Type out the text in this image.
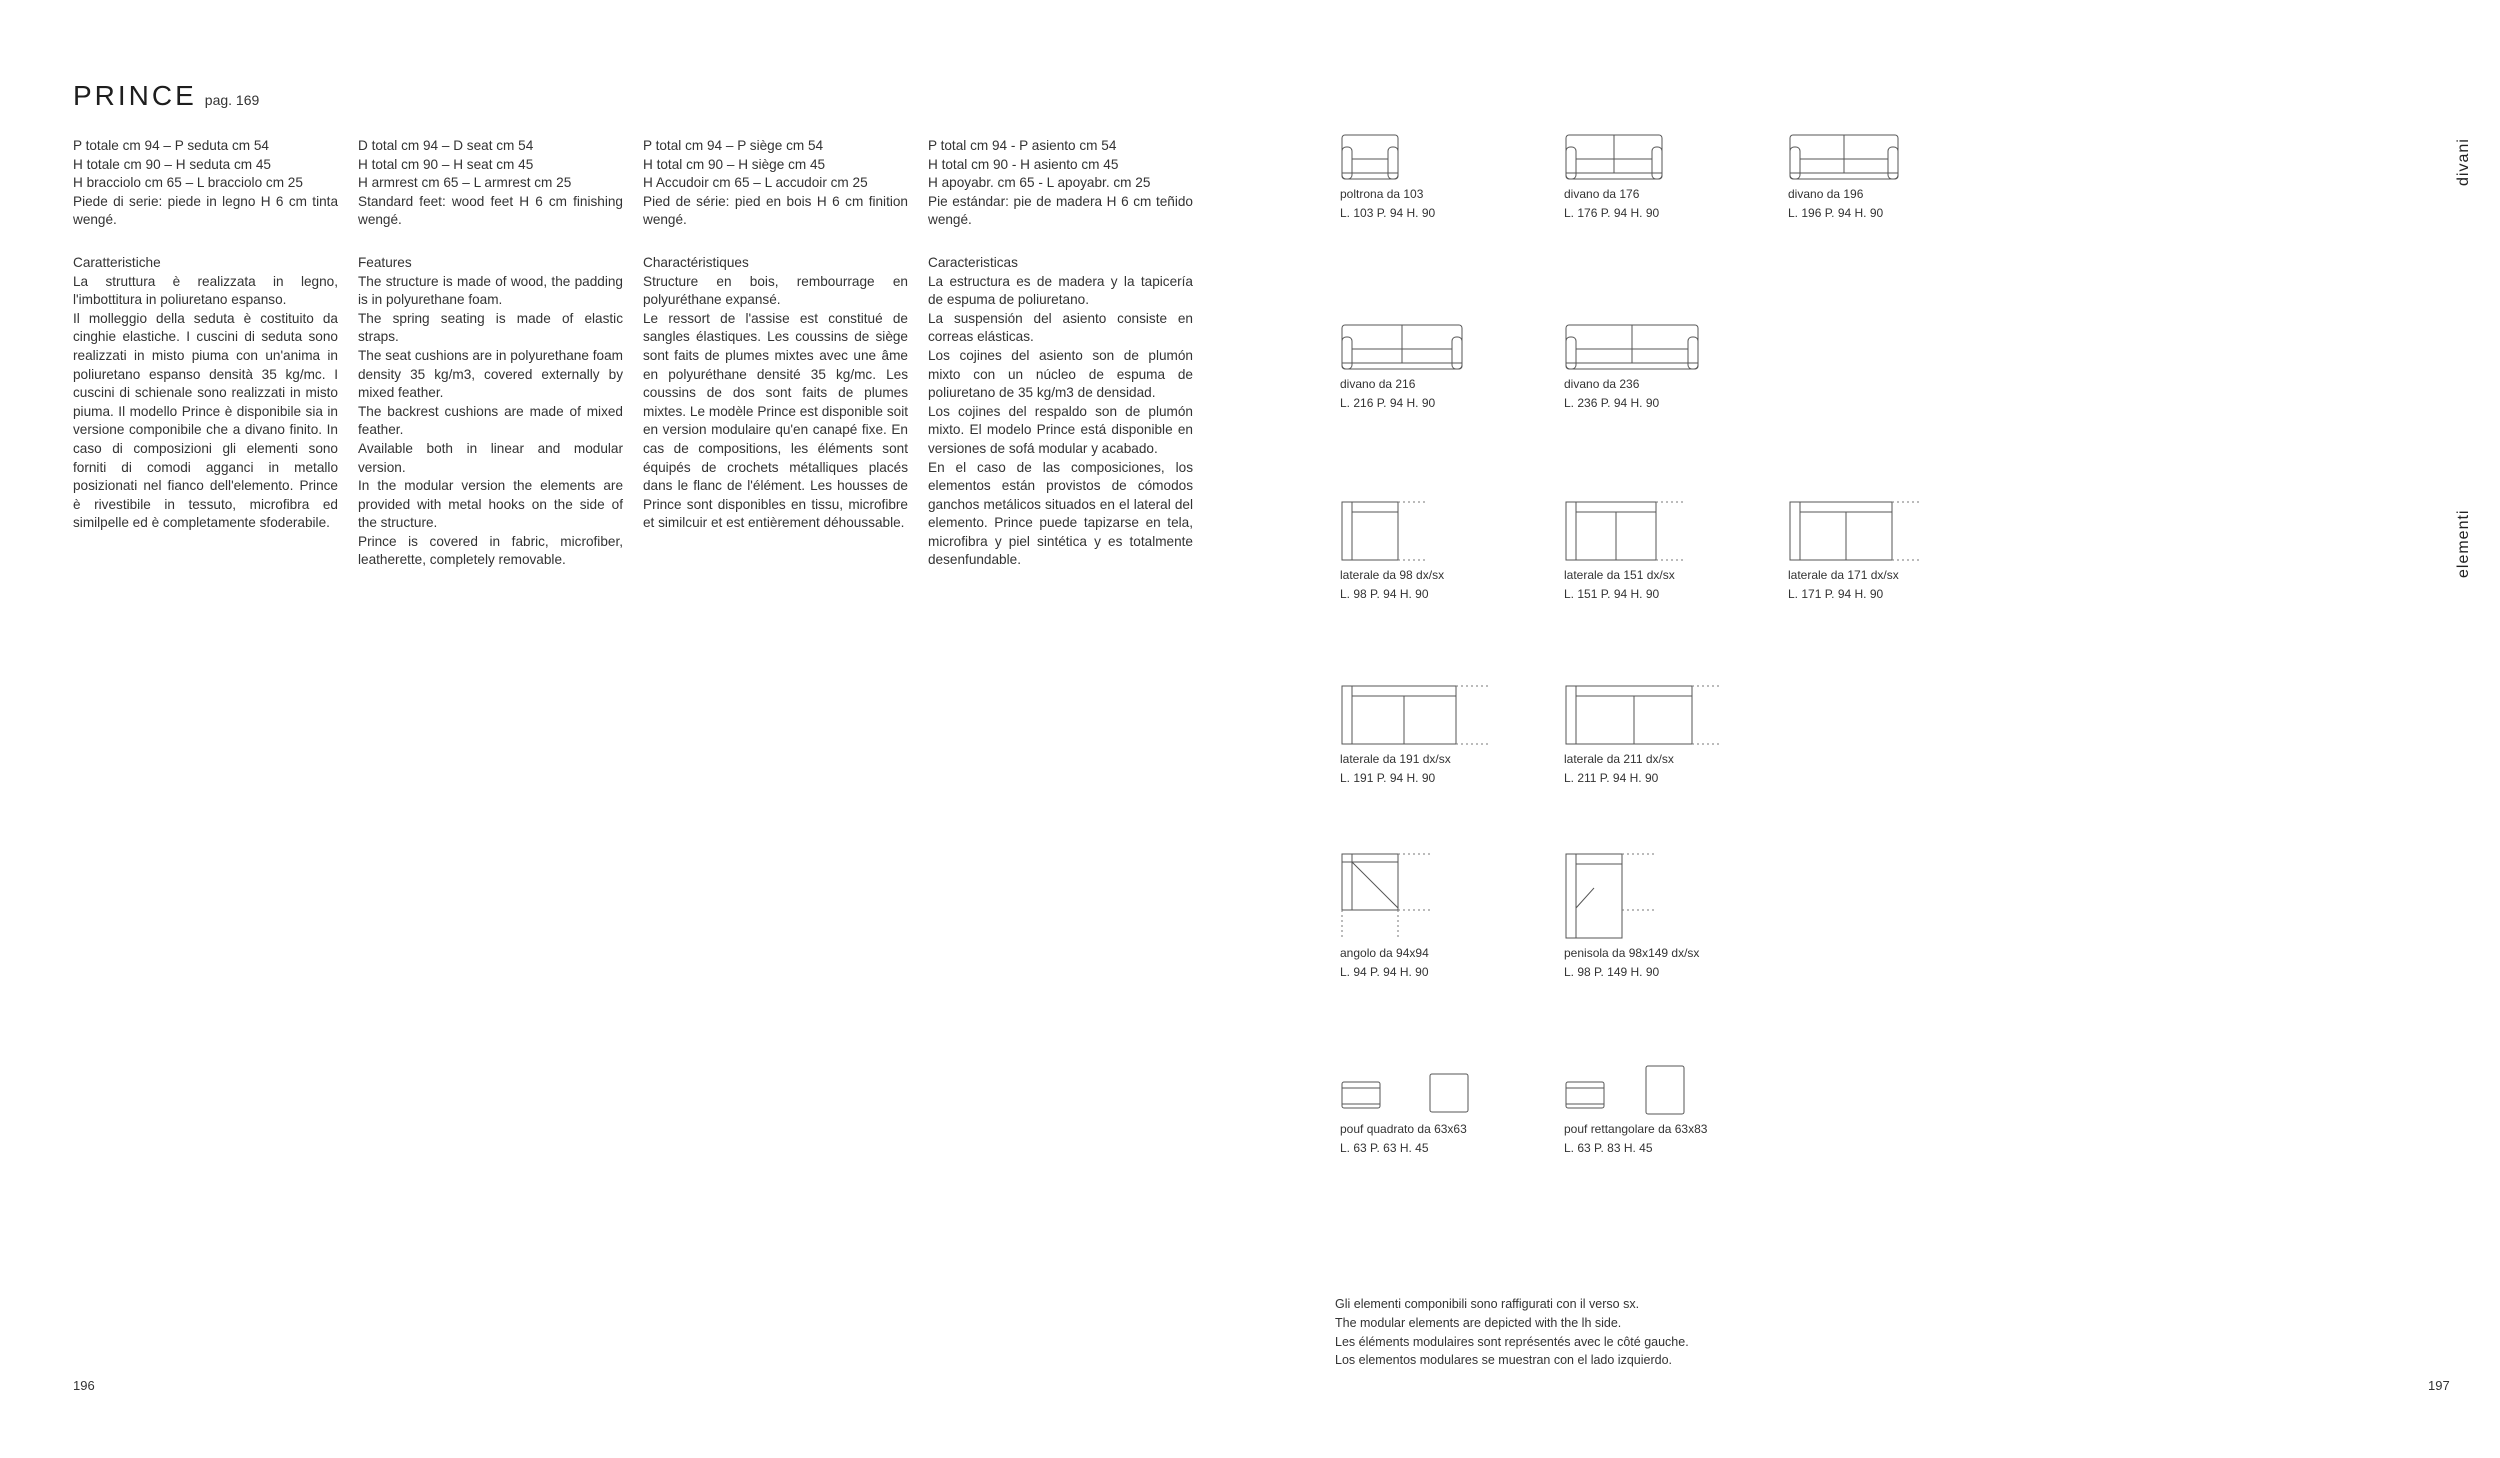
PRINCE pag. 169

P totale cm 94 – P seduta cm 54
H totale cm 90 – H seduta cm 45
H bracciolo cm 65 – L bracciolo cm 25
Piede di serie: piede in legno H 6 cm tinta wengé.

Caratteristiche

La struttura è realizzata in legno, l'imbottitura in poliuretano espanso.
Il molleggio della seduta è costituito da cinghie elastiche. I cuscini di seduta sono realizzati in misto piuma con un'anima in poliuretano espanso densità 35 kg/mc. I cuscini di schienale sono realizzati in misto piuma. Il modello Prince è disponibile sia in versione componibile che a divano finito. In caso di composizioni gli elementi sono forniti di comodi agganci in metallo posizionati nel fianco dell'elemento. Prince è rivestibile in tessuto, microfibra ed similpelle ed è completamente sfoderabile.

D total cm 94 – D seat cm 54
H total cm 90 – H seat cm 45
H armrest cm 65 – L armrest cm 25
Standard feet: wood feet H 6 cm finishing wengé.

Features

The structure is made of wood, the padding is in polyurethane foam.
The spring seating is made of elastic straps.
The seat cushions are in polyurethane foam density 35 kg/m3, covered externally by mixed feather.
The backrest cushions are made of mixed feather.
Available both in linear and modular version.
In the modular version the elements are provided with metal hooks on the side of the structure.
Prince is covered in fabric, microfiber, leatherette, completely removable.

P total cm 94 – P siège cm 54
H total cm 90 – H siège cm 45
H Accudoir cm 65 – L accudoir cm 25
Pied de série: pied en bois H 6 cm finition wengé.

Charactéristiques

Structure en bois, rembourrage en polyuréthane expansé.
Le ressort de l'assise est constitué de sangles élastiques. Les coussins de siège sont faits de plumes mixtes avec une âme en polyuréthane densité 35 kg/mc. Les coussins de dos sont faits de plumes mixtes. Le modèle Prince est disponible soit en version modulaire qu'en canapé fixe. En cas de compositions, les éléments sont équipés de crochets métalliques placés dans le flanc de l'élément. Les housses de Prince sont disponibles en tissu, microfibre et similcuir et est entièrement déhoussable.

P total cm 94 - P asiento cm 54
H total cm 90 - H asiento cm 45
H apoyabr. cm 65 - L apoyabr. cm 25
Pie estándar: pie de madera H 6 cm teñido wengé.

Caracteristicas

La estructura es de madera y la tapicería de espuma de poliuretano.
La suspensión del asiento consiste en correas elásticas.
Los cojines del asiento son de plumón mixto con un núcleo de espuma de poliuretano de 35 kg/m3 de densidad.
Los cojines del respaldo son de plumón mixto. El modelo Prince está disponible en versiones de sofá modular y acabado.
En el caso de las composiciones, los elementos están provistos de cómodos ganchos metálicos situados en el lateral del elemento. Prince puede tapizarse en tela, microfibra y piel sintética y es totalmente desenfundable.

poltrona da 103
L. 103 P. 94 H. 90
divano da 176
L. 176 P. 94 H. 90
divano da 196
L. 196 P. 94 H. 90
divano da 216
L. 216 P. 94 H. 90
divano da 236
L. 236 P. 94 H. 90
laterale da 98 dx/sx
L. 98 P. 94 H. 90
laterale da 151 dx/sx
L. 151 P. 94 H. 90
laterale da 171 dx/sx
L. 171 P. 94 H. 90
laterale da 191 dx/sx
L. 191 P. 94 H. 90
laterale da 211 dx/sx
L. 211 P. 94 H. 90
angolo da 94x94
L. 94 P. 94 H. 90
penisola da 98x149 dx/sx
L. 98 P. 149 H. 90
pouf quadrato da 63x63
L. 63 P. 63 H. 45
pouf rettangolare da 63x83
L. 63 P. 83 H. 45
divani
elementi
Gli elementi componibili sono raffigurati con il verso sx.
The modular elements are depicted with the lh side.
Les éléments modulaires sont représentés avec le côté gauche.
Los elementos modulares se muestran con el lado izquierdo.
196	197
